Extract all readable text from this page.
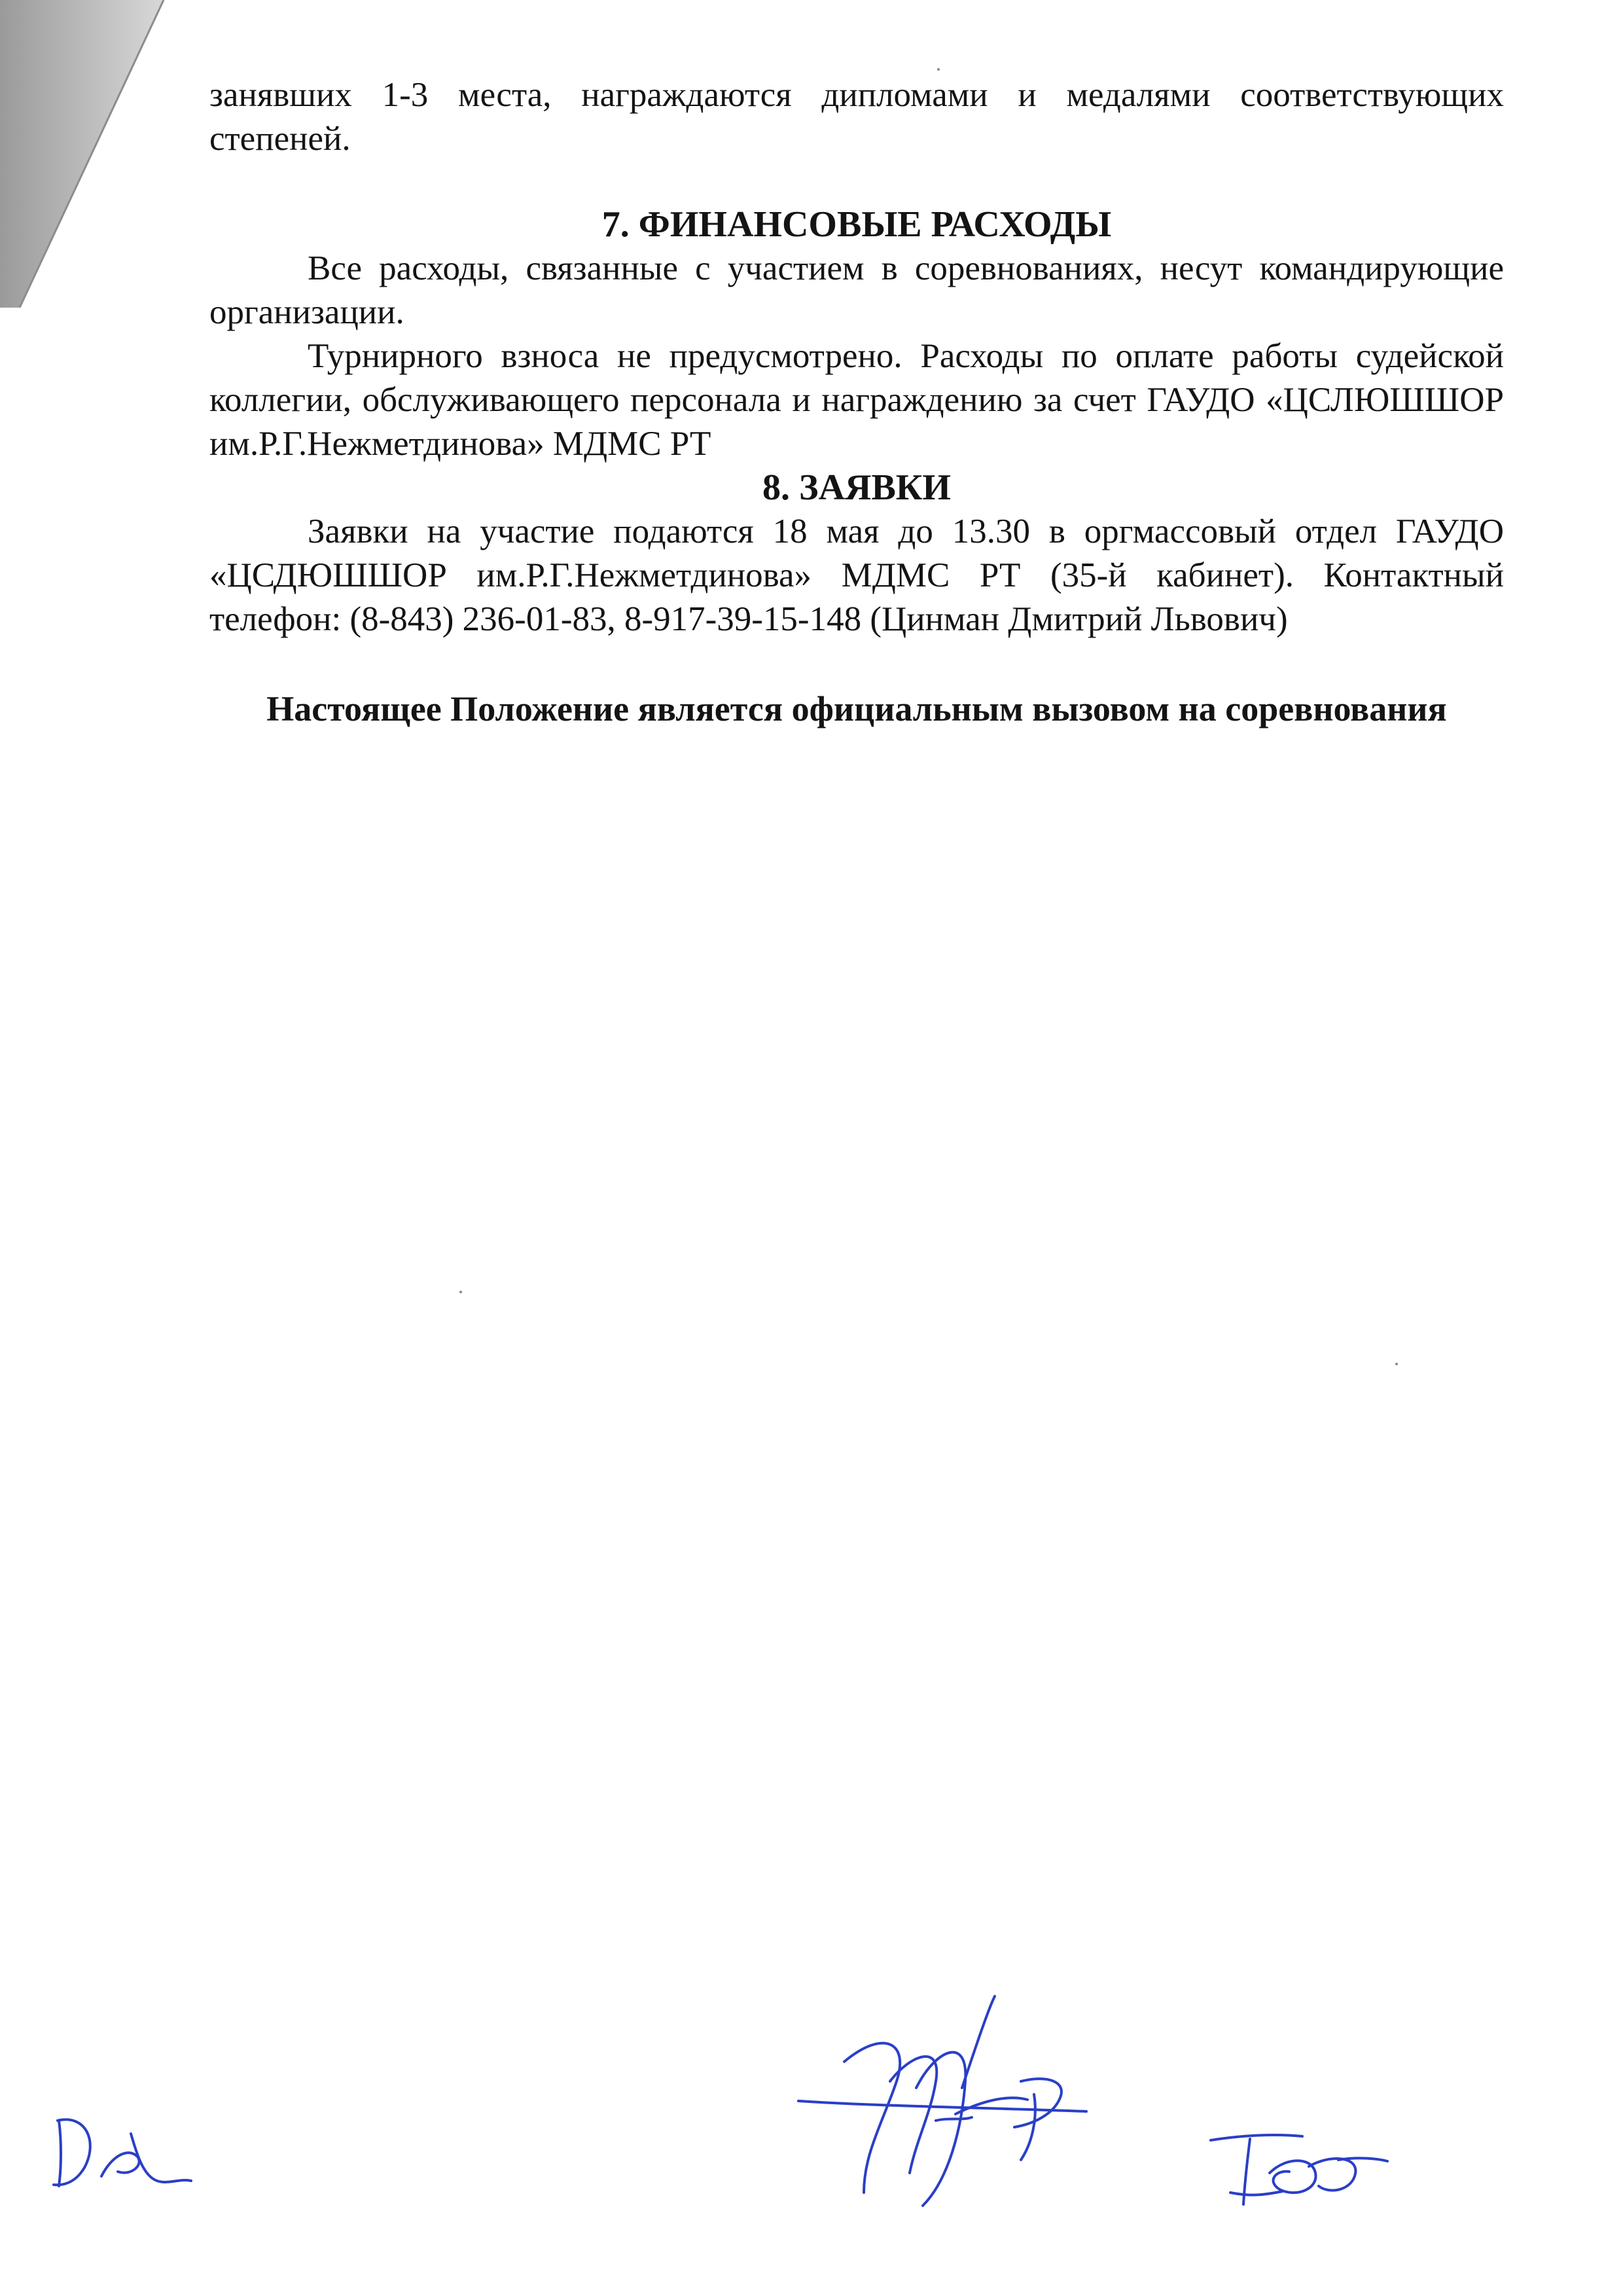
занявших 1-3 места, награждаются дипломами и медалями соответствующих степеней.

7. ФИНАНСОВЫЕ РАСХОДЫ

Все расходы, связанные с участием в соревнованиях, несут командирующие организации.

Турнирного взноса не предусмотрено. Расходы по оплате работы судейской коллегии, обслуживающего персонала и награждению за счет ГАУДО «ЦСЛЮШШОР им.Р.Г.Нежметдинова» МДМС РТ

8. ЗАЯВКИ

Заявки на участие подаются 18 мая до 13.30 в оргмассовый отдел ГАУДО «ЦСДЮШШОР им.Р.Г.Нежметдинова» МДМС РТ (35-й кабинет). Контактный телефон: (8-843) 236-01-83, 8-917-39-15-148 (Цинман Дмитрий Львович)

Настоящее Положение является официальным вызовом на соревнования
